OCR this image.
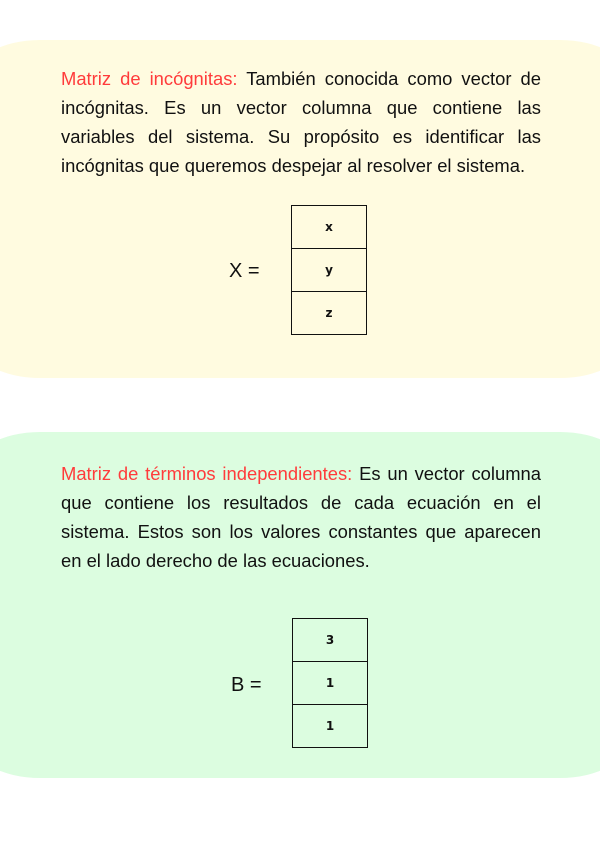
Matriz de incógnitas: También conocida como vector de incógnitas. Es un vector columna que contiene las variables del sistema. Su propósito es identificar las incógnitas que queremos despejar al resolver el sistema.

X =
x
y
z

Matriz de términos independientes: Es un vector columna que contiene los resultados de cada ecuación en el sistema. Estos son los valores constantes que aparecen en el lado derecho de las ecuaciones.

B =
3
1
1
